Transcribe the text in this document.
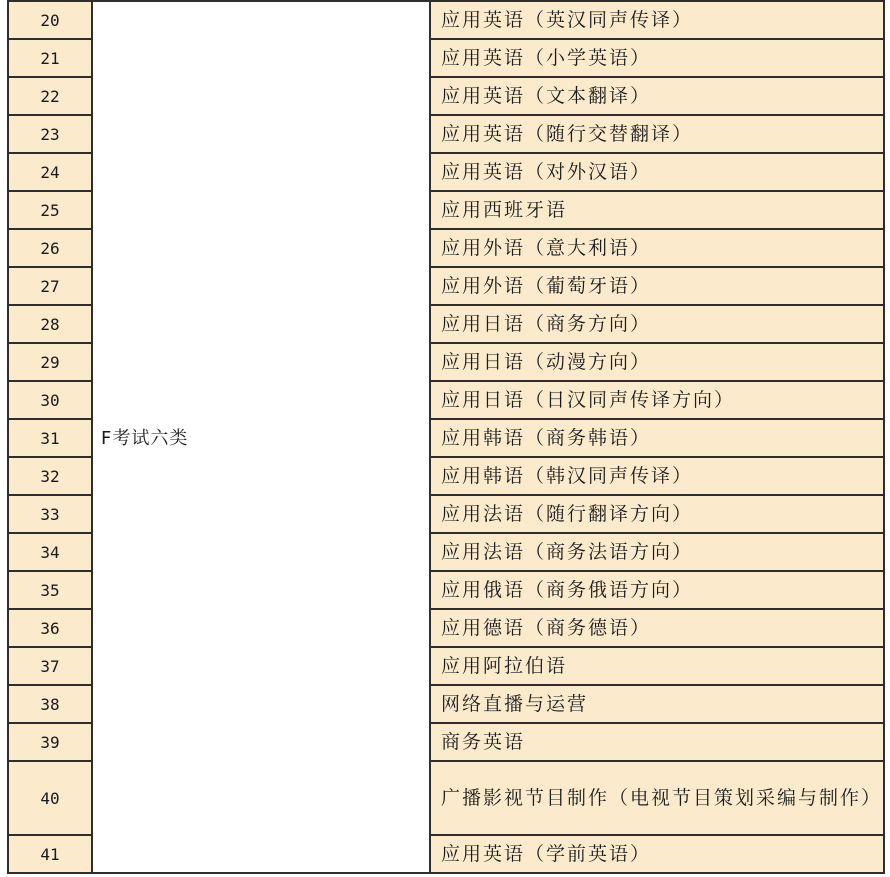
20	F考试六类	应用英语（英汉同声传译）
21		应用英语（小学英语）
22		应用英语（文本翻译）
23		应用英语（随行交替翻译）
24		应用英语（对外汉语）
25		应用西班牙语
26		应用外语（意大利语）
27		应用外语（葡萄牙语）
28		应用日语（商务方向）
29		应用日语（动漫方向）
30		应用日语（日汉同声传译方向）
31		应用韩语（商务韩语）
32		应用韩语（韩汉同声传译）
33		应用法语（随行翻译方向）
34		应用法语（商务法语方向）
35		应用俄语（商务俄语方向）
36		应用德语（商务德语）
37		应用阿拉伯语
38		网络直播与运营
39		商务英语
40		广播影视节目制作（电视节目策划采编与制作）
41		应用英语（学前英语）
